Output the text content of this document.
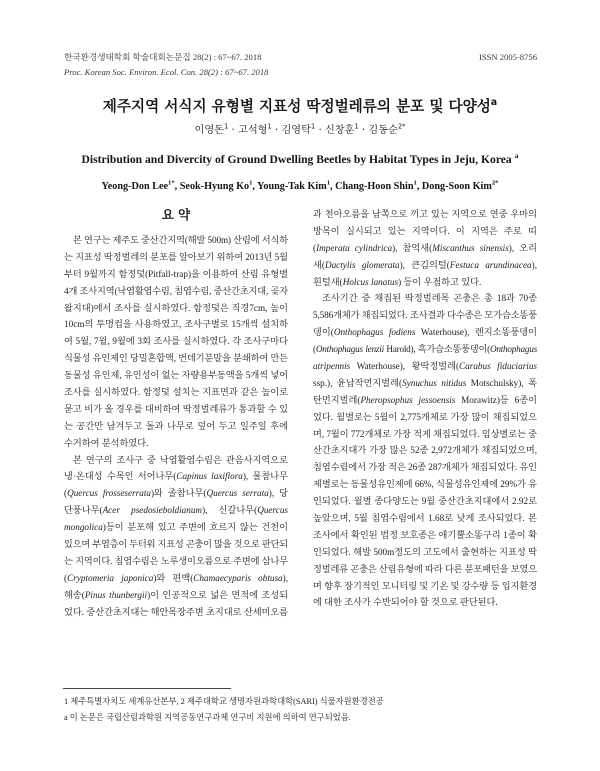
한국환경생태학회 학술대회논문집 28(2) : 67~67. 2018	ISSN 2005-8756
Proc. Korean Soc. Environ. Ecol. Con. 28(2) : 67~67. 2018
제주지역 서식지 유형별 지표성 딱정벌레류의 분포 및 다양성$^a$
이영돈$^1$ · 고석형$^1$ · 김영탁$^1$ · 신창훈$^1$ · 김동순$^{2*}$
Distribution and Divercity of Ground Dwelling Beetles by Habitat Types in Jeju, Korea $^a$
Yeong-Don Lee$^{1*}$, Seok-Hyung Ko$^1$, Young-Tak Kim$^1$, Chang-Hoon Shin$^1$, Dong-Soon Kim$^{2*}$
요 약
본 연구는 제주도 중산간지역(해발 500m) 산림에 서식하
는 지표성 딱정벌레의 분포를 알아보기 위하여 2013년 5월
부터 9월까지 함정덫(Pitfall-trap)을 이용하여 산림 유형별
4개 조사지역(낙엽활엽수림, 침엽수림, 중산간초지대, 곶자
왈지대)에서 조사를 실시하였다. 함정덫은 직경7cm, 높이
10cm의 투명컵을 사용하였고, 조사구별로 15개씩 설치하
여 5월, 7월, 9월에 3회 조사를 실시하였다. 각 조사구마다
식물성 유인제인 당밀혼합액, 번데기분말을 분쇄하여 만든
동물성 유인제, 유인성이 없는 자량용부동액을 5개씩 넣어
조사를 실시하였다. 함정덫 설치는 지표면과 같은 높이로
묻고 비가 올 경우를 대비하여 딱정벌레류가 통과할 수 있
는 공간만 남겨두고 돌과 나무로 덮어 두고 일주일 후에
수거하여 분석하였다.
본 연구의 조사구 중 낙엽활엽수림은 관음사지역으로
냉·온대성 수목인 서어나무(Capinus laxiflora), 물참나무
(Quercus frosseserrata)와 졸참나무(Quercus serrata), 당
단풍나무(Acer psedosieboldianum), 신갈나무(Quercus
mongolica)등이 분포해 있고 주변에 흐르지 않는 건천이
있으며 부엽층이 두터워 지표성 곤충이 많을 것으로 판단되
는 지역이다. 침엽수림은 노루생이오름으로 주변에 삼나무
(Cryptomeria japonica)와 편백(Chamaecyparis obtusa),
해송(Pinus thunbergii)이 인공적으로 넓은 면적에 조성되
었다. 중산간초지대는 해안목장주변 초지대로 산세미오름
과 천아오름을 남쪽으로 끼고 있는 지역으로 연중 우마의
방목이 실시되고 있는 지역이다. 이 지역은 주로 띠
(Imperata cylindrica), 참억새(Miscanthus sinensis), 오리
새(Dactylis glomerata), 큰김의털(Festuca arundinacea),
흰털새(Holcus lanatus) 등이 우점하고 있다.
조사기간 중 채집된 딱정벌레목 곤충은 총 18과 70종
5,586개체가 채집되었다. 조사결과 다수종은 모가슴소똥풍
뎅이(Onthophagus fodiens Waterhouse), 렌지소똥풍뎅이
(Onthophagus lenzii Harold), 흑가슴소똥풍뎅이(Onthophagus
atripennis Waterhouse), 왕딱정벌레(Carabus fiduciarius
ssp.), 윤납작먼지벌레(Synuchus nitidus Motschulsky), 폭
탄먼지벌레(Pheropsophus jessoensis Morawitz)등 6종이
었다. 월별로는 5월이 2,775개체로 가장 많이 채집되었으
며, 7월이 772개체로 가장 적게 채집되었다. 임상별로는 중
산간초지대가 가장 많은 52종 2,972개체가 채집되었으며,
침엽수림에서 가장 적은 26종 287개체가 채집되었다. 유인
제별로는 동물성유인제에 66%, 식물성유인제에 29%가 유
인되었다. 월별 종다양도는 9월 중산간초지대에서 2.92로
높았으며, 5월 침엽수림에서 1.68로 낮게 조사되었다. 본
조사에서 확인된 법정 보호종은 애기뿔소똥구리 1종이 확
인되었다. 해발 500m정도의 고도에서 출현하는 지표성 딱
정벌레류 곤충은 산림유형에 따라 다른 분포패턴을 보였으
며 향후 장기적인 모니터링 및 기온 및 강수량 등 입지환경
에 대한 조사가 수반되어야 할 것으로 판단된다.
1 제주특별자치도 세계유산본부, 2 제주대학교 생명자원과학대학(SARI) 식물자원환경전공
a 이 논문은 국립산림과학원 지역공동연구과제 연구비 지원에 의하여 연구되었음.
